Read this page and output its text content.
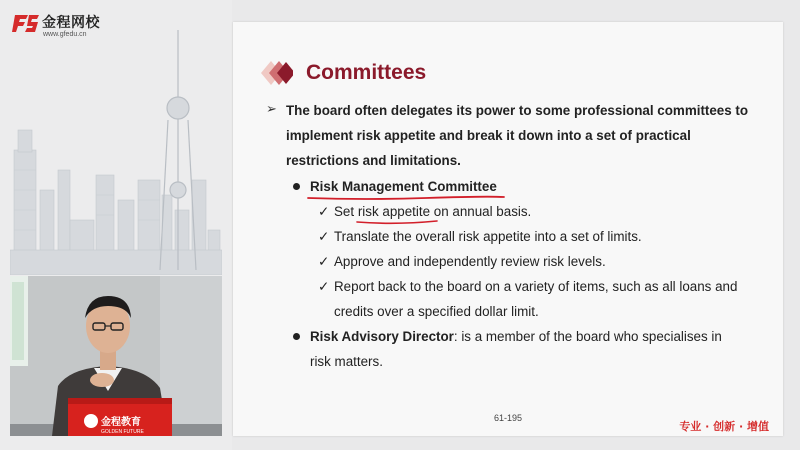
金程网校
www.gfedu.cn
金程教育
GOLDEN FUTURE
Committees
➢ The board often delegates its power to some professional committees to implement risk appetite and break it down into a set of practical restrictions and limitations.
Risk Management Committee
✓ Set risk appetite on annual basis.
✓ Translate the overall risk appetite into a set of limits.
✓ Approve and independently review risk levels.
✓ Report back to the board on a variety of items, such as all loans and
credits over a specified dollar limit.
Risk Advisory Director: is a member of the board who specialises in
risk matters.
61-195
专业 · 创新 · 增值
